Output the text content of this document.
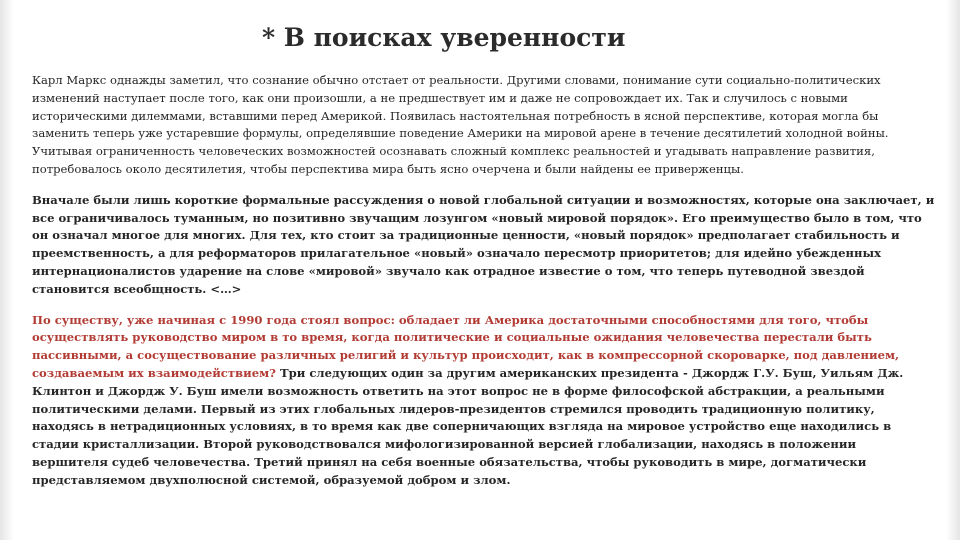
* В поисках уверенности

Карл Маркс однажды заметил, что сознание обычно отстает от реальности. Другими словами, понимание сути социально-политических изменений наступает после того, как они произошли, а не предшествует им и даже не сопровождает их. Так и случилось с новыми историческими дилеммами, вставшими перед Америкой. Появилась настоятельная потребность в ясной перспективе, которая могла бы заменить теперь уже устаревшие формулы, определявшие поведение Америки на мировой арене в течение десятилетий холодной войны. Учитывая ограниченность человеческих возможностей осознавать сложный комплекс реальностей и угадывать направление развития, потребовалось около десятилетия, чтобы перспектива мира быть ясно очерчена и были найдены ее приверженцы.

Вначале были лишь короткие формальные рассуждения о новой глобальной ситуации и возможностях, которые она заключает, и все ограничивалось туманным, но позитивно звучащим лозунгом «новый мировой порядок». Его преимущество было в том, что он означал многое для многих. Для тех, кто стоит за традиционные ценности, «новый порядок» предполагает стабильность и преемственность, а для реформаторов прилагательное «новый» означало пересмотр приоритетов; для идейно убежденных интернационалистов ударение на слове «мировой» звучало как отрадное известие о том, что теперь путеводной звездой становится всеобщность. <…>

По существу, уже начиная с 1990 года стоял вопрос: обладает ли Америка достаточными способностями для того, чтобы осуществлять руководство миром в то время, когда политические и социальные ожидания человечества перестали быть пассивными, а сосуществование различных религий и культур происходит, как в компрессорной скороварке, под давлением, создаваемым их взаимодействием? Три следующих один за другим американских президента - Джордж Г.У. Буш, Уильям Дж. Клинтон и Джордж У. Буш имели возможность ответить на этот вопрос не в форме философской абстракции, а реальными политическими делами. Первый из этих глобальных лидеров-президентов стремился проводить традиционную политику, находясь в нетрадиционных условиях, в то время как две соперничающих взгляда на мировое устройство еще находились в стадии кристаллизации. Второй руководствовался мифологизированной версией глобализации, находясь в положении вершителя судеб человечества. Третий принял на себя военные обязательства, чтобы руководить в мире, догматически представляемом двухполюсной системой, образуемой добром и злом.
